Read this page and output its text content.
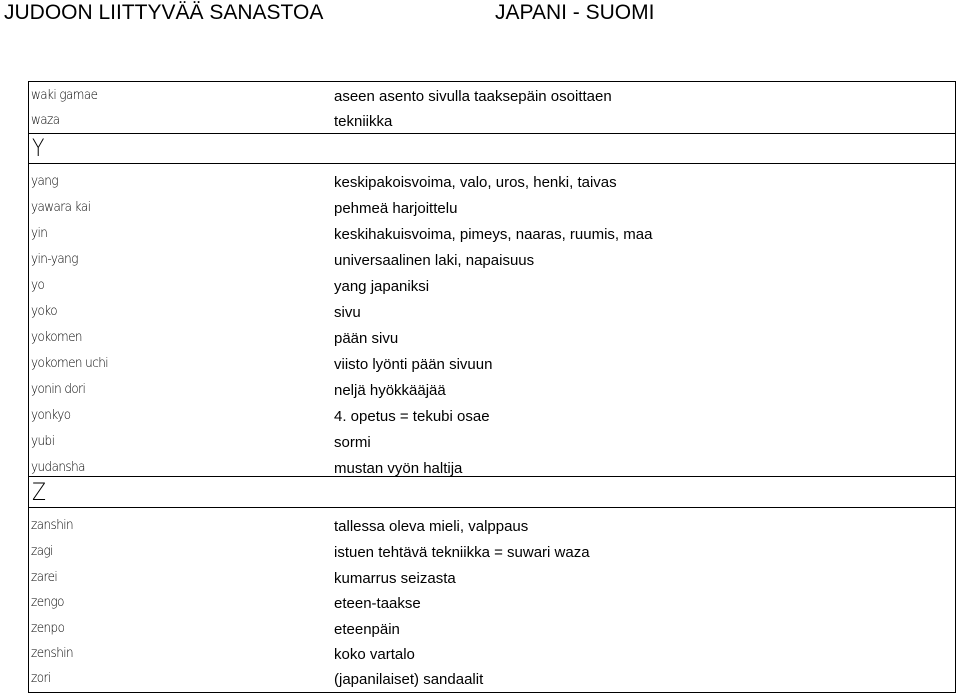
JUDOON LIITTYVÄÄ SANASTOA	JAPANI - SUOMI
waki gamae	aseen asento sivulla taaksepäin osoittaen
waza	tekniikka
Y
yang	keskipakoisvoima, valo, uros, henki, taivas
yawara kai	pehmeä harjoittelu
yin	keskihakuisvoima, pimeys, naaras, ruumis, maa
yin-yang	universaalinen laki, napaisuus
yo	yang japaniksi
yoko	sivu
yokomen	pään sivu
yokomen uchi	viisto lyönti pään sivuun
yonin dori	neljä hyökkääjää
yonkyo	4. opetus = tekubi osae
yubi	sormi
yudansha	mustan vyön haltija
Z
zanshin	tallessa oleva mieli, valppaus
zagi	istuen tehtävä tekniikka = suwari waza
zarei	kumarrus seizasta
zengo	eteen-taakse
zenpo	eteenpäin
zenshin	koko vartalo
zori	(japanilaiset) sandaalit
